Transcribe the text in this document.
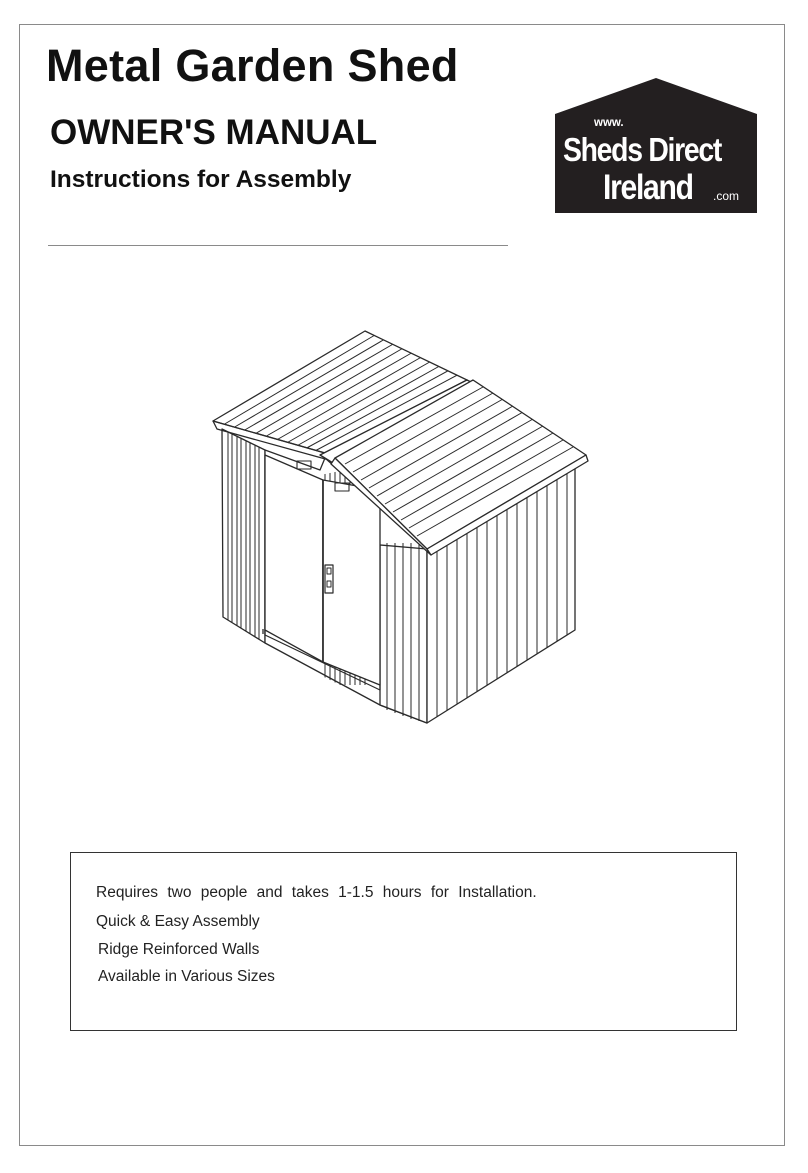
Metal Garden Shed
OWNER'S MANUAL
Instructions for Assembly
www.
Sheds Direct
Ireland .com

Requires two people and takes 1-1.5 hours for Installation.

Quick & Easy Assembly

Ridge Reinforced Walls

Available in Various Sizes
